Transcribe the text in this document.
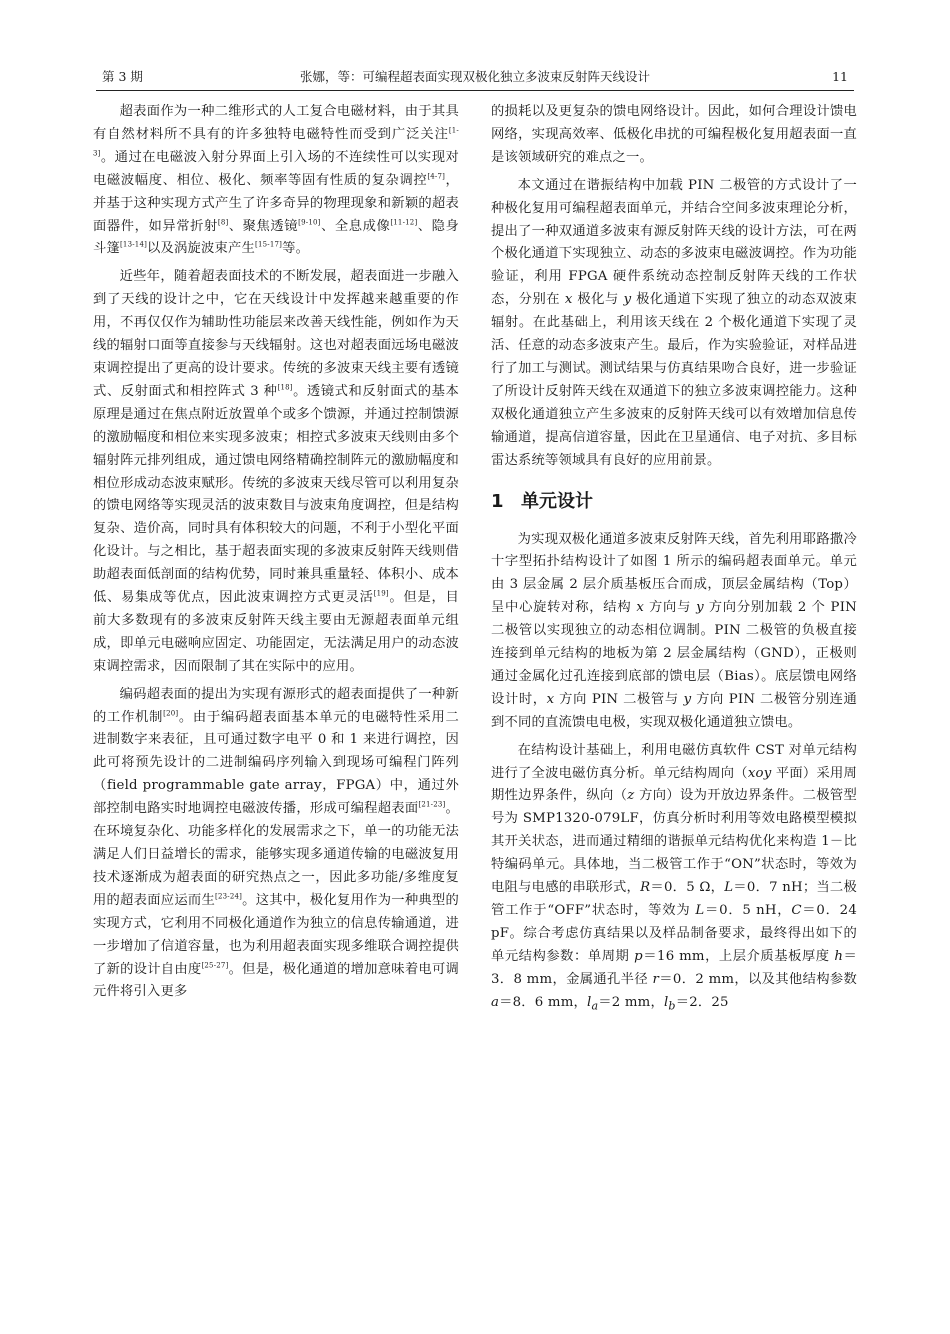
第 3 期	张娜，等：可编程超表面实现双极化独立多波束反射阵天线设计	11

超表面作为一种二维形式的人工复合电磁材料，由于其具有自然材料所不具有的许多独特电磁特性而受到广泛关注[1-3]。通过在电磁波入射分界面上引入场的不连续性可以实现对电磁波幅度、相位、极化、频率等固有性质的复杂调控[4-7]，并基于这种实现方式产生了许多奇异的物理现象和新颖的超表面器件，如异常折射[8]、聚焦透镜[9-10]、全息成像[11-12]、隐身斗篷[13-14]以及涡旋波束产生[15-17]等。

近些年，随着超表面技术的不断发展，超表面进一步融入到了天线的设计之中，它在天线设计中发挥越来越重要的作用，不再仅仅作为辅助性功能层来改善天线性能，例如作为天线的辐射口面等直接参与天线辐射。这也对超表面远场电磁波束调控提出了更高的设计要求。传统的多波束天线主要有透镜式、反射面式和相控阵式 3 种[18]。透镜式和反射面式的基本原理是通过在焦点附近放置单个或多个馈源，并通过控制馈源的激励幅度和相位来实现多波束；相控式多波束天线则由多个辐射阵元排列组成，通过馈电网络精确控制阵元的激励幅度和相位形成动态波束赋形。传统的多波束天线尽管可以利用复杂的馈电网络等实现灵活的波束数目与波束角度调控，但是结构复杂、造价高，同时具有体积较大的问题，不利于小型化平面化设计。与之相比，基于超表面实现的多波束反射阵天线则借助超表面低剖面的结构优势，同时兼具重量轻、体积小、成本低、易集成等优点，因此波束调控方式更灵活[19]。但是，目前大多数现有的多波束反射阵天线主要由无源超表面单元组成，即单元电磁响应固定、功能固定，无法满足用户的动态波束调控需求，因而限制了其在实际中的应用。

编码超表面的提出为实现有源形式的超表面提供了一种新的工作机制[20]。由于编码超表面基本单元的电磁特性采用二进制数字来表征，且可通过数字电平 0 和 1 来进行调控，因此可将预先设计的二进制编码序列输入到现场可编程门阵列（field programmable gate array，FPGA）中，通过外部控制电路实时地调控电磁波传播，形成可编程超表面[21-23]。在环境复杂化、功能多样化的发展需求之下，单一的功能无法满足人们日益增长的需求，能够实现多通道传输的电磁波复用技术逐渐成为超表面的研究热点之一，因此多功能/多维度复用的超表面应运而生[23-24]。这其中，极化复用作为一种典型的实现方式，它利用不同极化通道作为独立的信息传输通道，进一步增加了信道容量，也为利用超表面实现多维联合调控提供了新的设计自由度[25-27]。但是，极化通道的增加意味着电可调元件将引入更多

的损耗以及更复杂的馈电网络设计。因此，如何合理设计馈电网络，实现高效率、低极化串扰的可编程极化复用超表面一直是该领域研究的难点之一。

本文通过在谐振结构中加载 PIN 二极管的方式设计了一种极化复用可编程超表面单元，并结合空间多波束理论分析，提出了一种双通道多波束有源反射阵天线的设计方法，可在两个极化通道下实现独立、动态的多波束电磁波调控。作为功能验证，利用 FPGA 硬件系统动态控制反射阵天线的工作状态，分别在 x 极化与 y 极化通道下实现了独立的动态双波束辐射。在此基础上，利用该天线在 2 个极化通道下实现了灵活、任意的动态多波束产生。最后，作为实验验证，对样品进行了加工与测试。测试结果与仿真结果吻合良好，进一步验证了所设计反射阵天线在双通道下的独立多波束调控能力。这种双极化通道独立产生多波束的反射阵天线可以有效增加信息传输通道，提高信道容量，因此在卫星通信、电子对抗、多目标雷达系统等领域具有良好的应用前景。

1 单元设计

为实现双极化通道多波束反射阵天线，首先利用耶路撒冷十字型拓扑结构设计了如图 1 所示的编码超表面单元。单元由 3 层金属 2 层介质基板压合而成，顶层金属结构（Top）呈中心旋转对称，结构 x 方向与 y 方向分别加载 2 个 PIN 二极管以实现独立的动态相位调制。PIN 二极管的负极直接连接到单元结构的地板为第 2 层金属结构（GND），正极则通过金属化过孔连接到底部的馈电层（Bias）。底层馈电网络设计时，x 方向 PIN 二极管与 y 方向 PIN 二极管分别连通到不同的直流馈电电极，实现双极化通道独立馈电。

在结构设计基础上，利用电磁仿真软件 CST 对单元结构进行了全波电磁仿真分析。单元结构周向（xoy 平面）采用周期性边界条件，纵向（z 方向）设为开放边界条件。二极管型号为 SMP1320-079LF，仿真分析时利用等效电路模型模拟其开关状态，进而通过精细的谐振单元结构优化来构造 1－比特编码单元。具体地，当二极管工作于“ON”状态时，等效为电阻与电感的串联形式，R＝0．5 Ω，L＝0．7 nH；当二极管工作于“OFF”状态时，等效为 L＝0．5 nH，C＝0．24 pF。综合考虑仿真结果以及样品制备要求，最终得出如下的单元结构参数：单周期 p＝16 mm，上层介质基板厚度 h＝3．8 mm，金属通孔半径 r＝0．2 mm，以及其他结构参数 a＝8．6 mm，$l_a=2$ mm，$l_b=2$．25
